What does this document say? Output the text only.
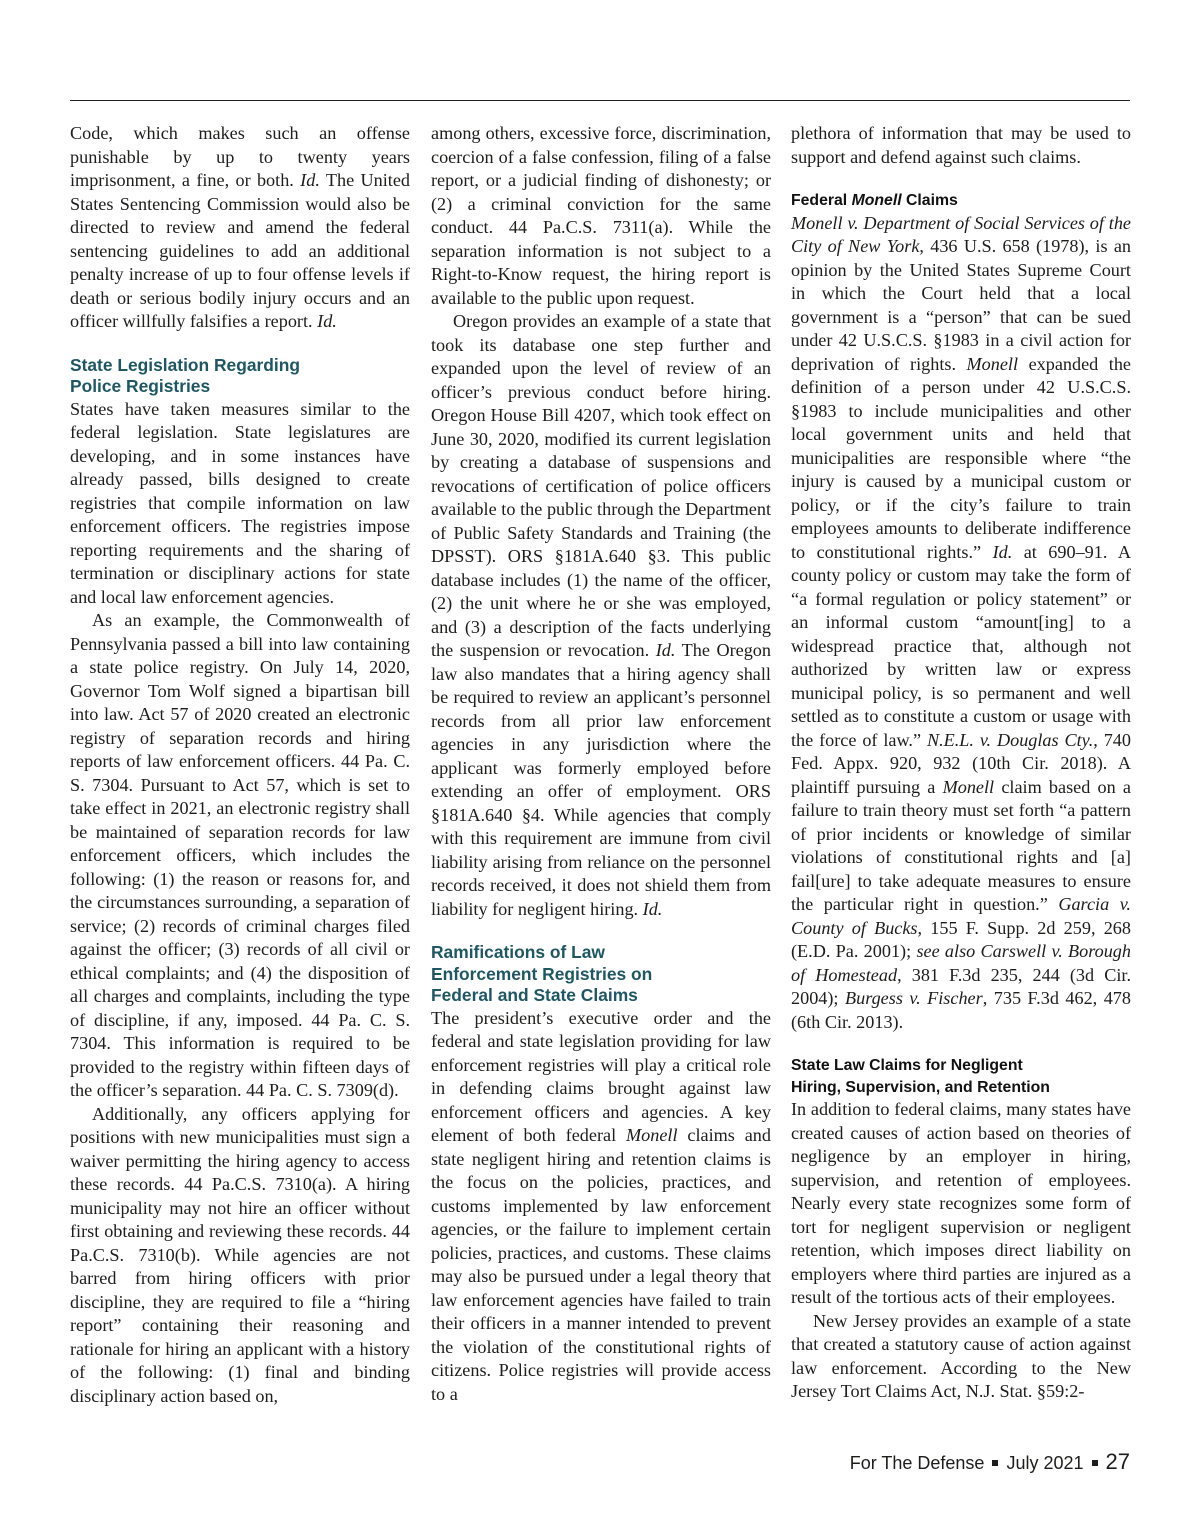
Code, which makes such an offense punishable by up to twenty years imprisonment, a fine, or both. Id. The United States Sentencing Commission would also be directed to review and amend the federal sentencing guidelines to add an additional penalty increase of up to four offense levels if death or serious bodily injury occurs and an officer willfully falsifies a report. Id.

State Legislation Regarding
Police Registries

States have taken measures similar to the federal legislation. State legislatures are developing, and in some instances have already passed, bills designed to create registries that compile information on law enforcement officers. The registries impose reporting requirements and the sharing of termination or disciplinary actions for state and local law enforcement agencies.

As an example, the Commonwealth of Pennsylvania passed a bill into law containing a state police registry. On July 14, 2020, Governor Tom Wolf signed a bipartisan bill into law. Act 57 of 2020 created an electronic registry of separation records and hiring reports of law enforcement officers. 44 Pa. C. S. 7304. Pursuant to Act 57, which is set to take effect in 2021, an electronic registry shall be maintained of separation records for law enforcement officers, which includes the following: (1) the reason or reasons for, and the circumstances surrounding, a separation of service; (2) records of criminal charges filed against the officer; (3) records of all civil or ethical complaints; and (4) the disposition of all charges and complaints, including the type of discipline, if any, imposed. 44 Pa. C. S. 7304. This information is required to be provided to the registry within fifteen days of the officer’s separation. 44 Pa. C. S. 7309(d).

Additionally, any officers applying for positions with new municipalities must sign a waiver permitting the hiring agency to access these records. 44 Pa.C.S. 7310(a). A hiring municipality may not hire an officer without first obtaining and reviewing these records. 44 Pa.C.S. 7310(b). While agencies are not barred from hiring officers with prior discipline, they are required to file a “hiring report” containing their reasoning and rationale for hiring an applicant with a history of the following: (1) final and binding disciplinary action based on,

among others, excessive force, discrimination, coercion of a false confession, filing of a false report, or a judicial finding of dishonesty; or (2) a criminal conviction for the same conduct. 44 Pa.C.S. 7311(a). While the separation information is not subject to a Right-to-Know request, the hiring report is available to the public upon request.

Oregon provides an example of a state that took its database one step further and expanded upon the level of review of an officer’s previous conduct before hiring. Oregon House Bill 4207, which took effect on June 30, 2020, modified its current legislation by creating a database of suspensions and revocations of certification of police officers available to the public through the Department of Public Safety Standards and Training (the DPSST). ORS §181A.640 §3. This public database includes (1) the name of the officer, (2) the unit where he or she was employed, and (3) a description of the facts underlying the suspension or revocation. Id. The Oregon law also mandates that a hiring agency shall be required to review an applicant’s personnel records from all prior law enforcement agencies in any jurisdiction where the applicant was formerly employed before extending an offer of employment. ORS §181A.640 §4. While agencies that comply with this requirement are immune from civil liability arising from reliance on the personnel records received, it does not shield them from liability for negligent hiring. Id.

Ramifications of Law
Enforcement Registries on
Federal and State Claims

The president’s executive order and the federal and state legislation providing for law enforcement registries will play a critical role in defending claims brought against law enforcement officers and agencies. A key element of both federal Monell claims and state negligent hiring and retention claims is the focus on the policies, practices, and customs implemented by law enforcement agencies, or the failure to implement certain policies, practices, and customs. These claims may also be pursued under a legal theory that law enforcement agencies have failed to train their officers in a manner intended to prevent the violation of the constitutional rights of citizens. Police registries will provide access to a

plethora of information that may be used to support and defend against such claims.

Federal Monell Claims

Monell v. Department of Social Services of the City of New York, 436 U.S. 658 (1978), is an opinion by the United States Supreme Court in which the Court held that a local government is a “person” that can be sued under 42 U.S.C.S. §1983 in a civil action for deprivation of rights. Monell expanded the definition of a person under 42 U.S.C.S. §1983 to include municipalities and other local government units and held that municipalities are responsible where “the injury is caused by a municipal custom or policy, or if the city’s failure to train employees amounts to deliberate indifference to constitutional rights.” Id. at 690–91. A county policy or custom may take the form of “a formal regulation or policy statement” or an informal custom “amount[ing] to a widespread practice that, although not authorized by written law or express municipal policy, is so permanent and well settled as to constitute a custom or usage with the force of law.” N.E.L. v. Douglas Cty., 740 Fed. Appx. 920, 932 (10th Cir. 2018). A plaintiff pursuing a Monell claim based on a failure to train theory must set forth “a pattern of prior incidents or knowledge of similar violations of constitutional rights and [a] fail[ure] to take adequate measures to ensure the particular right in question.” Garcia v. County of Bucks, 155 F. Supp. 2d 259, 268 (E.D. Pa. 2001); see also Carswell v. Borough of Homestead, 381 F.3d 235, 244 (3d Cir. 2004); Burgess v. Fischer, 735 F.3d 462, 478 (6th Cir. 2013).

State Law Claims for Negligent
Hiring, Supervision, and Retention

In addition to federal claims, many states have created causes of action based on theories of negligence by an employer in hiring, supervision, and retention of employees. Nearly every state recognizes some form of tort for negligent supervision or negligent retention, which imposes direct liability on employers where third parties are injured as a result of the tortious acts of their employees.

New Jersey provides an example of a state that created a statutory cause of action against law enforcement. According to the New Jersey Tort Claims Act, N.J. Stat. §59:2-

For The Defense July 2021 27
